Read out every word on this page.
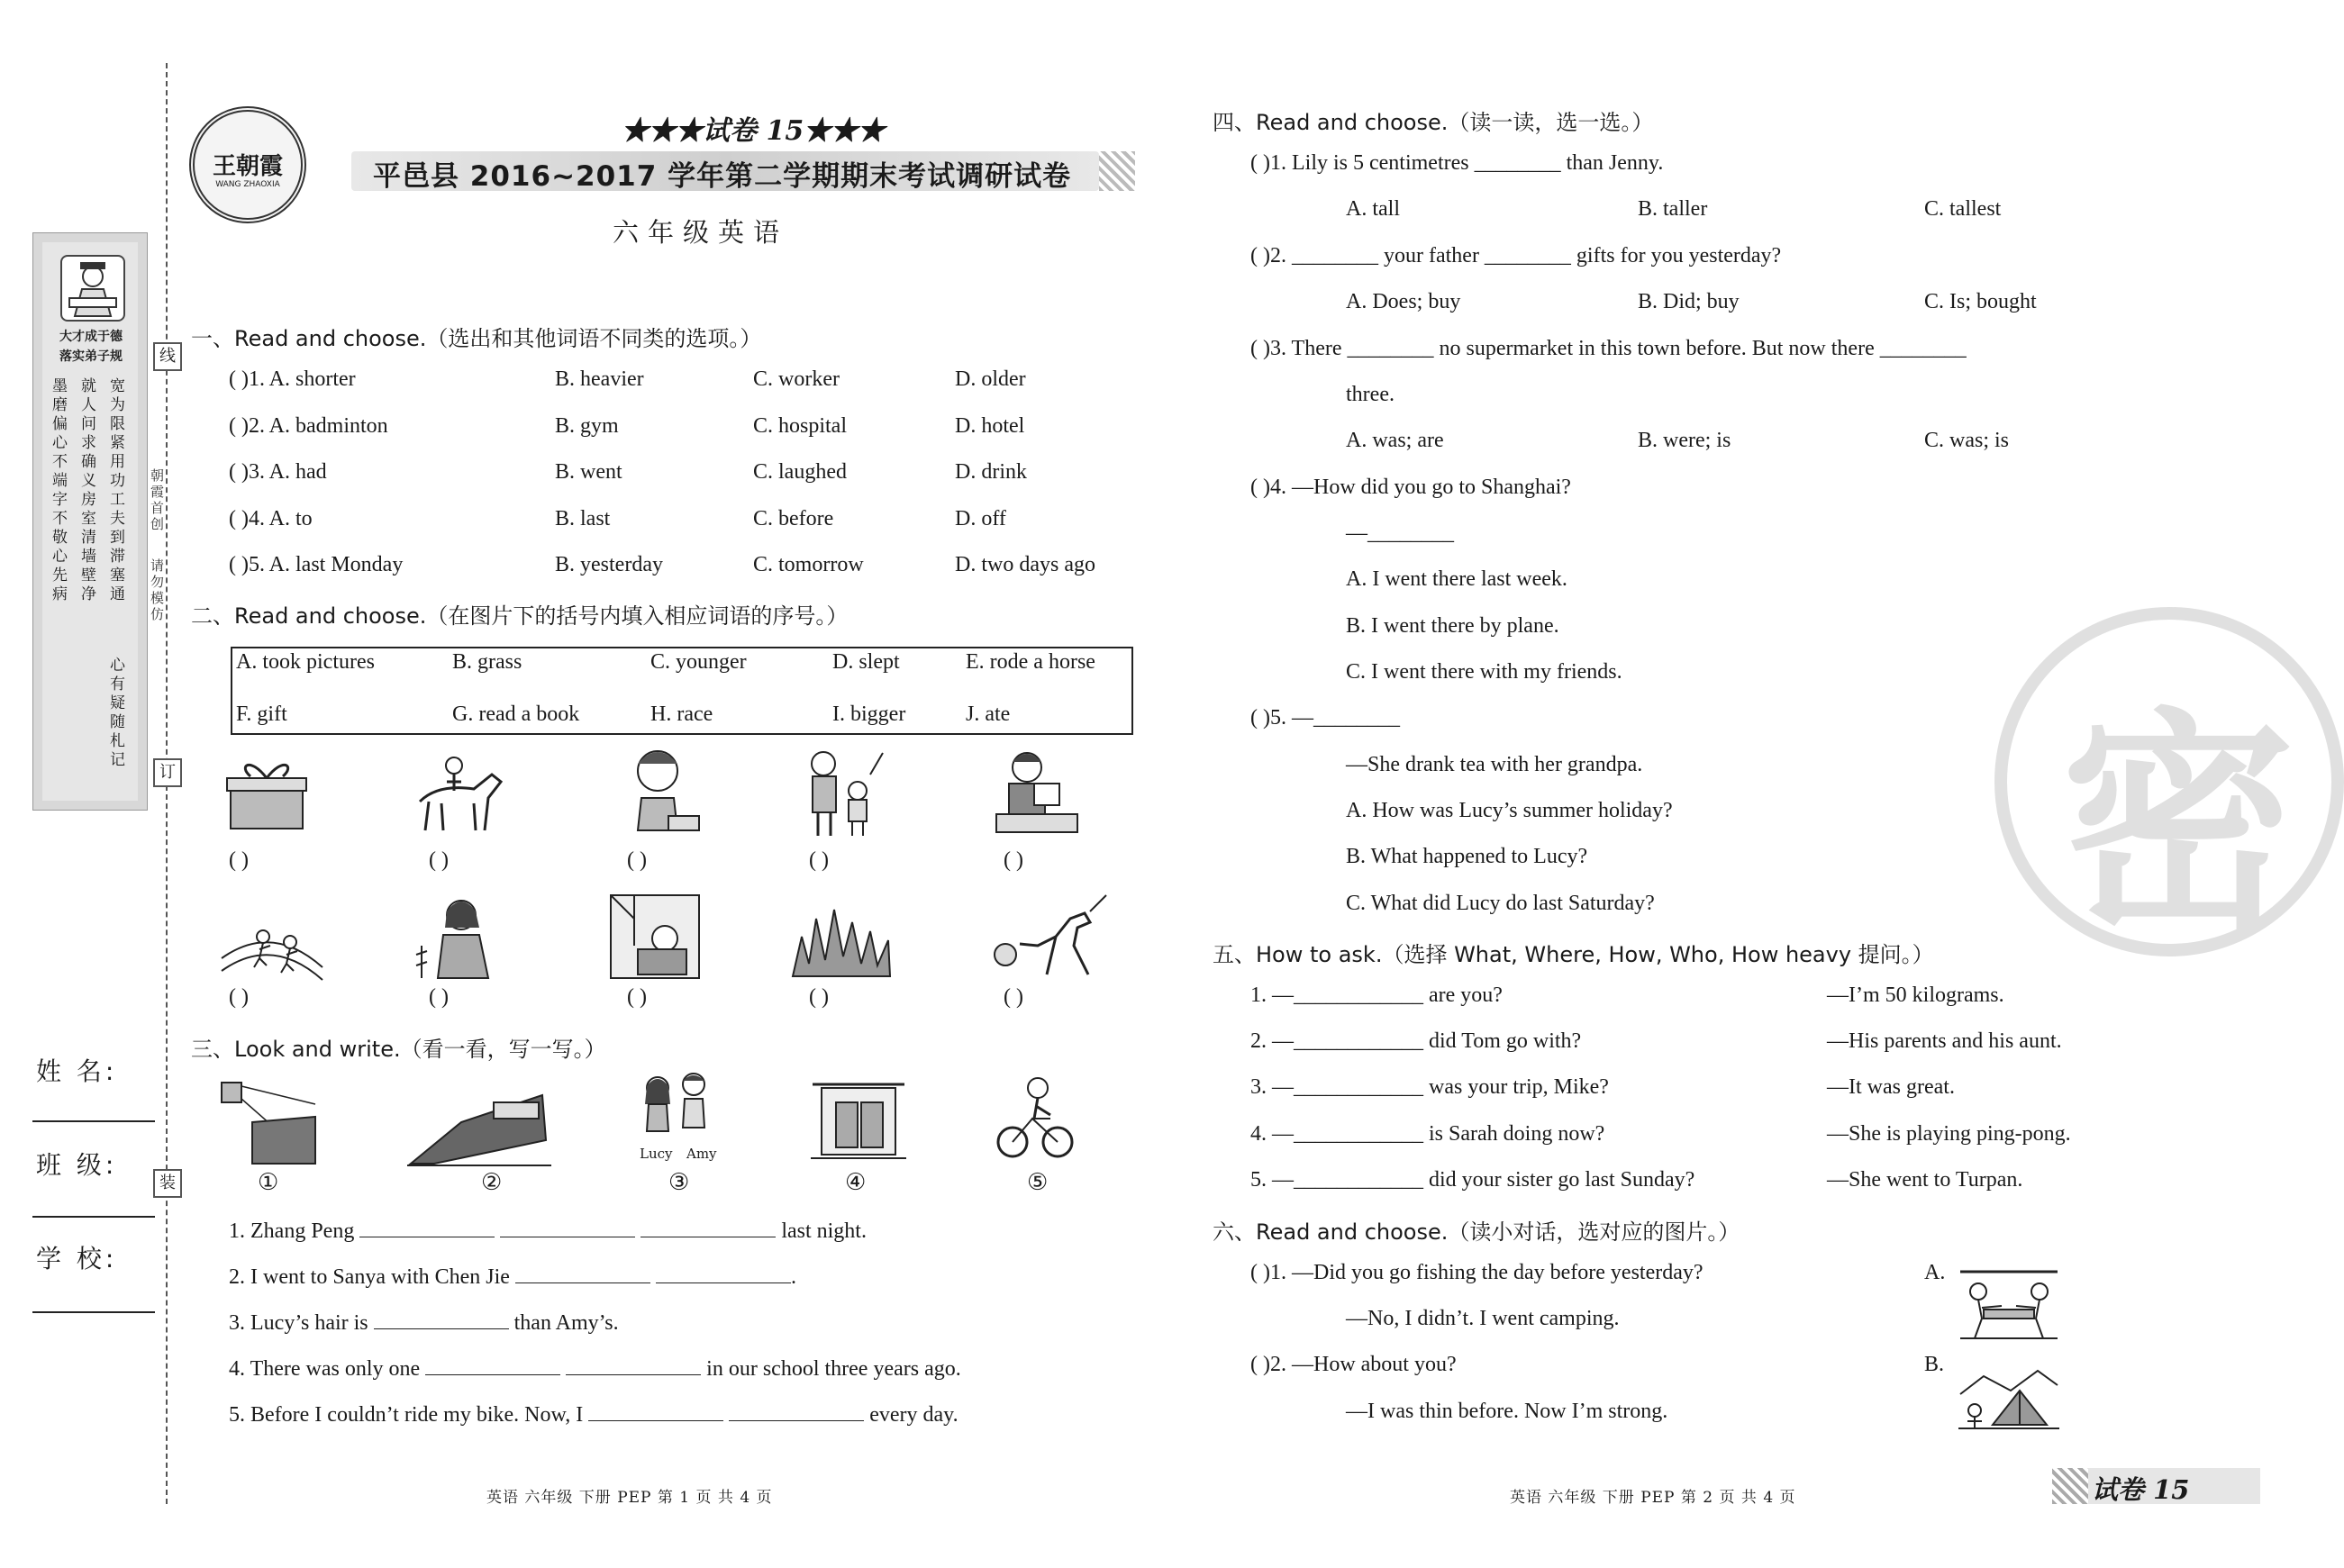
线
订
装
朝霞首创
请勿模仿
大才成于德
落实弟子规
宽为限紧用功工夫到滞塞通
心有疑随札记
就人问求确义房室清墙壁净
墨磨偏心不端字不敬心先病
姓 名:
班 级:
学 校:
王朝霞
WANG ZHAOXIA
★★★试卷 15★★★
平邑县 2016~2017 学年第二学期期末考试调研试卷
六年级英语
一、Read and choose.（选出和其他词语不同类的选项。）
( )1. A. shorter	B. heavier	C. worker	D. older
( )2. A. badminton	B. gym	C. hospital	D. hotel
( )3. A. had	B. went	C. laughed	D. drink
( )4. A. to	B. last	C. before	D. off
( )5. A. last Monday	B. yesterday	C. tomorrow	D. two days ago
二、Read and choose.（在图片下的括号内填入相应词语的序号。）
A. took pictures	B. grass	C. younger	D. slept	E. rode a horse
F. gift	G. read a book	H. race	I. bigger	J. ate
( )	( )	( )	( )	( )
( )	( )	( )	( )	( )
三、Look and write.（看一看，写一写。）
Lucy Amy
①	②	③	④	⑤
1. Zhang Peng	last night.
2. I went to Sanya with Chen Jie	.
3. Lucy’s hair is	than Amy’s.
4. There was only one	in our school three years ago.
5. Before I couldn’t ride my bike. Now, I	every day.
英语 六年级 下册 PEP 第 1 页 共 4 页
密
四、Read and choose.（读一读，选一选。）
( )1. Lily is 5 centimetres ________ than Jenny.
A. tall	B. taller	C. tallest
( )2. ________ your father ________ gifts for you yesterday?
A. Does; buy	B. Did; buy	C. Is; bought
( )3. There ________ no supermarket in this town before. But now there ________
three.
A. was; are	B. were; is	C. was; is
( )4. —How did you go to Shanghai?
—________
A. I went there last week.
B. I went there by plane.
C. I went there with my friends.
( )5. —________
—She drank tea with her grandpa.
A. How was Lucy’s summer holiday?
B. What happened to Lucy?
C. What did Lucy do last Saturday?
五、How to ask.（选择 What, Where, How, Who, How heavy 提问。）
1. —____________ are you?	—I’m 50 kilograms.
2. —____________ did Tom go with?	—His parents and his aunt.
3. —____________ was your trip, Mike?	—It was great.
4. —____________ is Sarah doing now?	—She is playing ping-pong.
5. —____________ did your sister go last Sunday?	—She went to Turpan.
六、Read and choose.（读小对话，选对应的图片。）
( )1. —Did you go fishing the day before yesterday?
—No, I didn’t. I went camping.
( )2. —How about you?
—I was thin before. Now I’m strong.
A.
B.
英语 六年级 下册 PEP 第 2 页 共 4 页	试卷 15
